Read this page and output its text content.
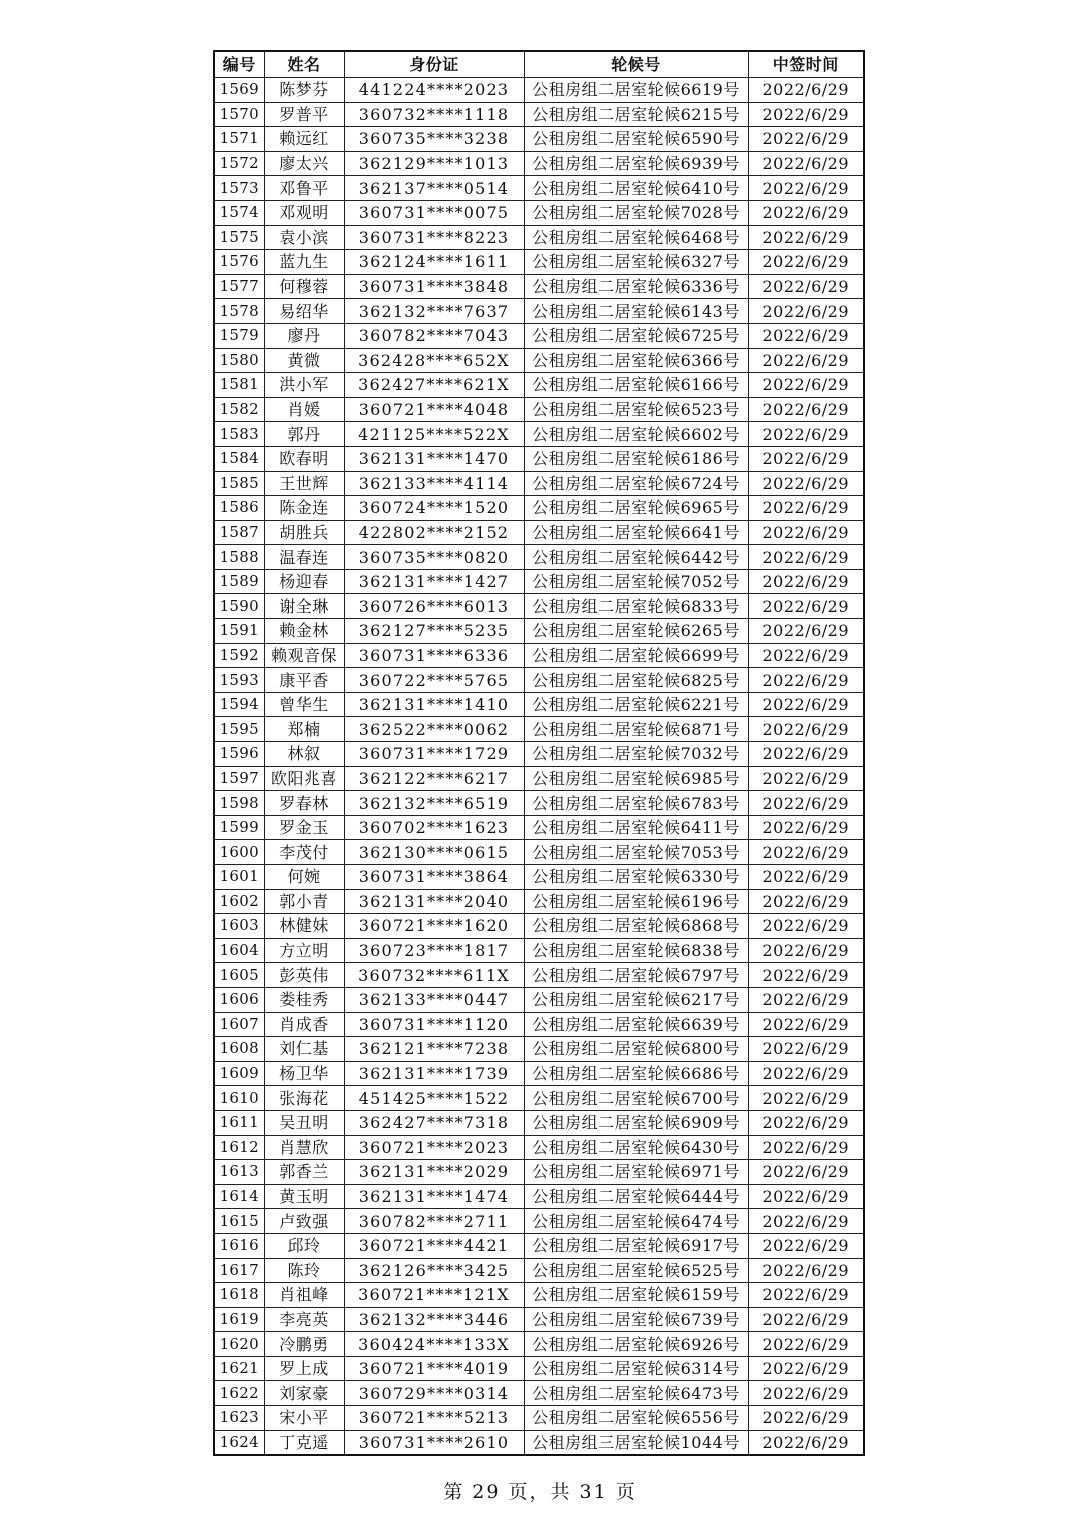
编号	姓名	身份证	轮候号	中签时间
1569	陈梦芬	441224****2023	公租房组二居室轮候6619号	2022/6/29
1570	罗普平	360732****1118	公租房组二居室轮候6215号	2022/6/29
1571	赖远红	360735****3238	公租房组二居室轮候6590号	2022/6/29
1572	廖太兴	362129****1013	公租房组二居室轮候6939号	2022/6/29
1573	邓鲁平	362137****0514	公租房组二居室轮候6410号	2022/6/29
1574	邓观明	360731****0075	公租房组二居室轮候7028号	2022/6/29
1575	袁小滨	360731****8223	公租房组二居室轮候6468号	2022/6/29
1576	蓝九生	362124****1611	公租房组二居室轮候6327号	2022/6/29
1577	何穆蓉	360731****3848	公租房组二居室轮候6336号	2022/6/29
1578	易绍华	362132****7637	公租房组二居室轮候6143号	2022/6/29
1579	廖丹	360782****7043	公租房组二居室轮候6725号	2022/6/29
1580	黄微	362428****652X	公租房组二居室轮候6366号	2022/6/29
1581	洪小军	362427****621X	公租房组二居室轮候6166号	2022/6/29
1582	肖媛	360721****4048	公租房组二居室轮候6523号	2022/6/29
1583	郭丹	421125****522X	公租房组二居室轮候6602号	2022/6/29
1584	欧春明	362131****1470	公租房组二居室轮候6186号	2022/6/29
1585	王世辉	362133****4114	公租房组二居室轮候6724号	2022/6/29
1586	陈金连	360724****1520	公租房组二居室轮候6965号	2022/6/29
1587	胡胜兵	422802****2152	公租房组二居室轮候6641号	2022/6/29
1588	温春连	360735****0820	公租房组二居室轮候6442号	2022/6/29
1589	杨迎春	362131****1427	公租房组二居室轮候7052号	2022/6/29
1590	谢全琳	360726****6013	公租房组二居室轮候6833号	2022/6/29
1591	赖金林	362127****5235	公租房组二居室轮候6265号	2022/6/29
1592	赖观音保	360731****6336	公租房组二居室轮候6699号	2022/6/29
1593	康平香	360722****5765	公租房组二居室轮候6825号	2022/6/29
1594	曾华生	362131****1410	公租房组二居室轮候6221号	2022/6/29
1595	郑楠	362522****0062	公租房组二居室轮候6871号	2022/6/29
1596	林叙	360731****1729	公租房组二居室轮候7032号	2022/6/29
1597	欧阳兆喜	362122****6217	公租房组二居室轮候6985号	2022/6/29
1598	罗春林	362132****6519	公租房组二居室轮候6783号	2022/6/29
1599	罗金玉	360702****1623	公租房组二居室轮候6411号	2022/6/29
1600	李茂付	362130****0615	公租房组二居室轮候7053号	2022/6/29
1601	何婉	360731****3864	公租房组二居室轮候6330号	2022/6/29
1602	郭小青	362131****2040	公租房组二居室轮候6196号	2022/6/29
1603	林健妹	360721****1620	公租房组二居室轮候6868号	2022/6/29
1604	方立明	360723****1817	公租房组二居室轮候6838号	2022/6/29
1605	彭英伟	360732****611X	公租房组二居室轮候6797号	2022/6/29
1606	娄桂秀	362133****0447	公租房组二居室轮候6217号	2022/6/29
1607	肖成香	360731****1120	公租房组二居室轮候6639号	2022/6/29
1608	刘仁基	362121****7238	公租房组二居室轮候6800号	2022/6/29
1609	杨卫华	362131****1739	公租房组二居室轮候6686号	2022/6/29
1610	张海花	451425****1522	公租房组二居室轮候6700号	2022/6/29
1611	吴丑明	362427****7318	公租房组二居室轮候6909号	2022/6/29
1612	肖慧欣	360721****2023	公租房组二居室轮候6430号	2022/6/29
1613	郭香兰	362131****2029	公租房组二居室轮候6971号	2022/6/29
1614	黄玉明	362131****1474	公租房组二居室轮候6444号	2022/6/29
1615	卢致强	360782****2711	公租房组二居室轮候6474号	2022/6/29
1616	邱玲	360721****4421	公租房组二居室轮候6917号	2022/6/29
1617	陈玲	362126****3425	公租房组二居室轮候6525号	2022/6/29
1618	肖祖峰	360721****121X	公租房组二居室轮候6159号	2022/6/29
1619	李亮英	362132****3446	公租房组二居室轮候6739号	2022/6/29
1620	冷鹏勇	360424****133X	公租房组二居室轮候6926号	2022/6/29
1621	罗上成	360721****4019	公租房组二居室轮候6314号	2022/6/29
1622	刘家豪	360729****0314	公租房组二居室轮候6473号	2022/6/29
1623	宋小平	360721****5213	公租房组二居室轮候6556号	2022/6/29
1624	丁克遥	360731****2610	公租房组三居室轮候1044号	2022/6/29
第 29 页，共 31 页
